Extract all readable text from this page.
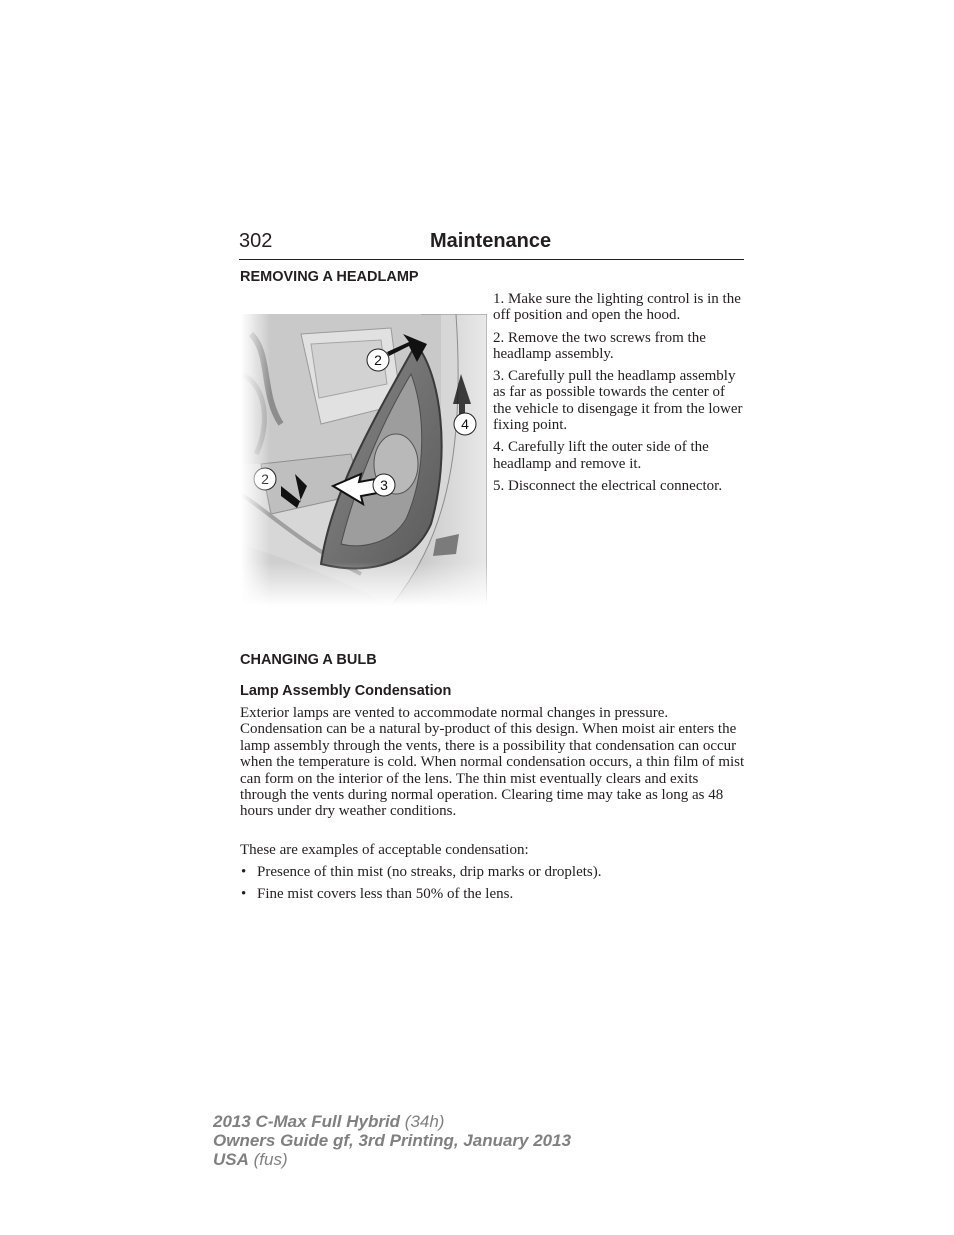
302	Maintenance
REMOVING A HEADLAMP

1. Make sure the lighting control is in the off position and open the hood.

2. Remove the two screws from the headlamp assembly.

3. Carefully pull the headlamp assembly as far as possible towards the center of the vehicle to disengage it from the lower fixing point.

4. Carefully lift the outer side of the headlamp and remove it.

5. Disconnect the electrical connector.

CHANGING A BULB
Lamp Assembly Condensation

Exterior lamps are vented to accommodate normal changes in pressure. Condensation can be a natural by-product of this design. When moist air enters the lamp assembly through the vents, there is a possibility that condensation can occur when the temperature is cold. When normal condensation occurs, a thin film of mist can form on the interior of the lens. The thin mist eventually clears and exits through the vents during normal operation. Clearing time may take as long as 48 hours under dry weather conditions.

These are examples of acceptable condensation:

• Presence of thin mist (no streaks, drip marks or droplets).
• Fine mist covers less than 50% of the lens.
2013 C-Max Full Hybrid (34h)
Owners Guide gf, 3rd Printing, January 2013
USA (fus)
